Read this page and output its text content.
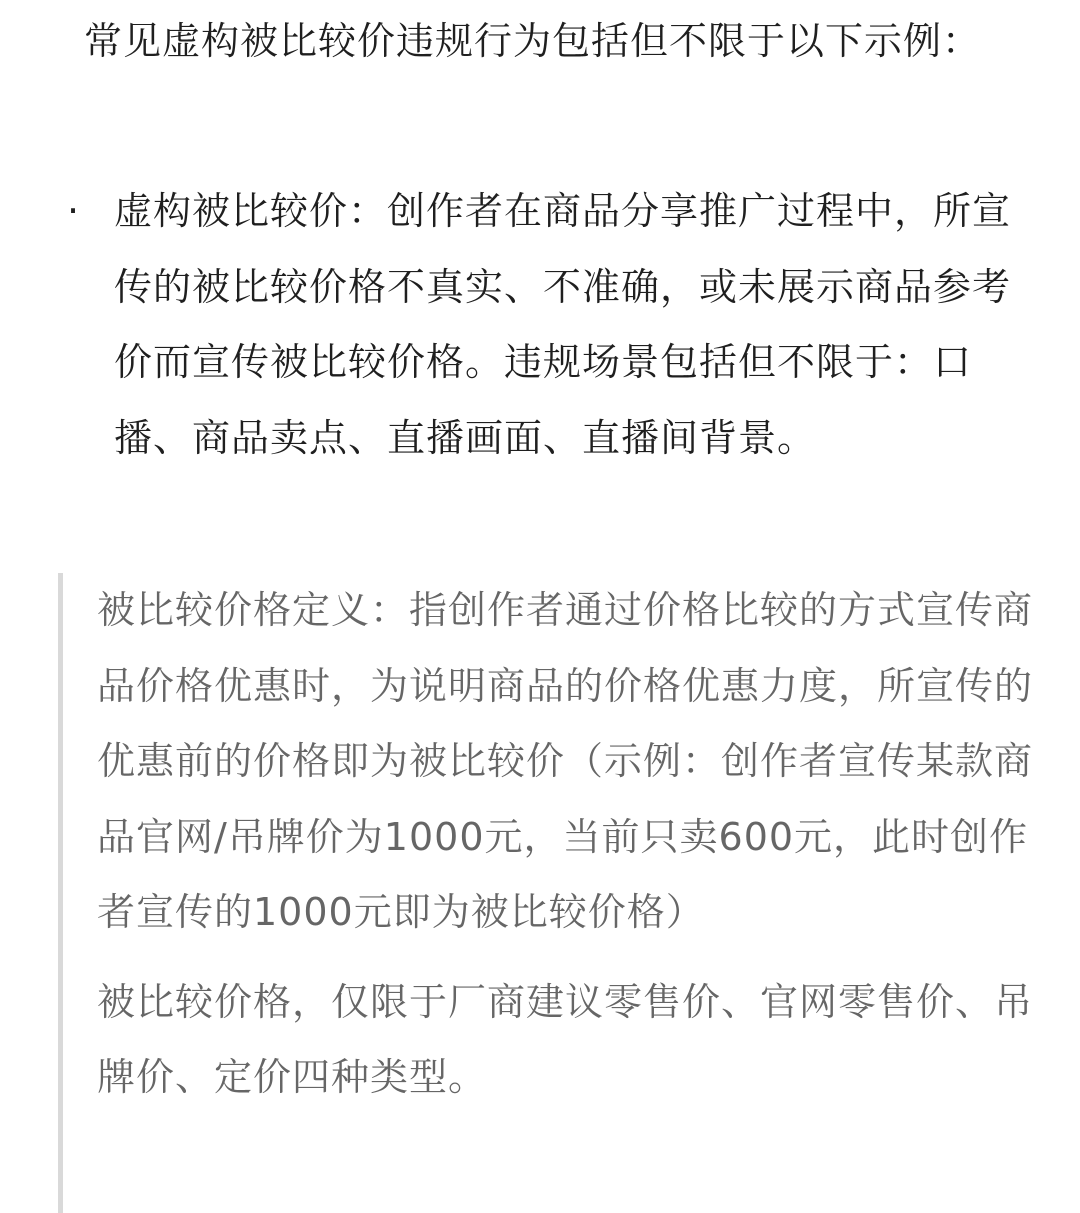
常见虚构被比较价违规行为包括但不限于以下示例：

· 虚构被比较价：创作者在商品分享推广过程中，所宣传的被比较价格不真实、不准确，或未展示商品参考价而宣传被比较价格。违规场景包括但不限于：口播、商品卖点、直播画面、直播间背景。

被比较价格定义：指创作者通过价格比较的方式宣传商品价格优惠时，为说明商品的价格优惠力度，所宣传的优惠前的价格即为被比较价（示例：创作者宣传某款商品官网/吊牌价为1000元，当前只卖600元，此时创作者宣传的1000元即为被比较价格）

被比较价格，仅限于厂商建议零售价、官网零售价、吊牌价、定价四种类型。
